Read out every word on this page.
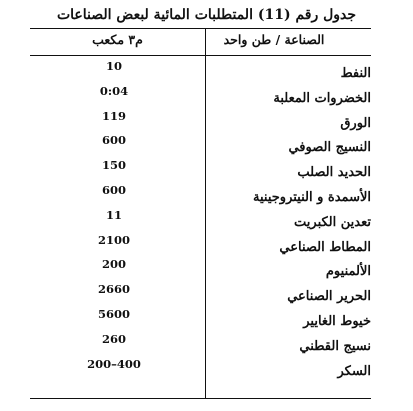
جدول رقم (11) المتطلبات المائية لبعض الصناعات
الصناعة / طن واحد
م٣ مكعب
النفط
10
الخضروات المعلبة
0:04
الورق
119
النسيج الصوفي
600
الحديد الصلب
150
الأسمدة و النيتروجينية
600
تعدين الكبريت
11
المطاط الصناعي
2100
الألمنيوم
200
الحرير الصناعي
2660
خيوط الغايير
5600
نسيج القطني
260
السكر
200–400
